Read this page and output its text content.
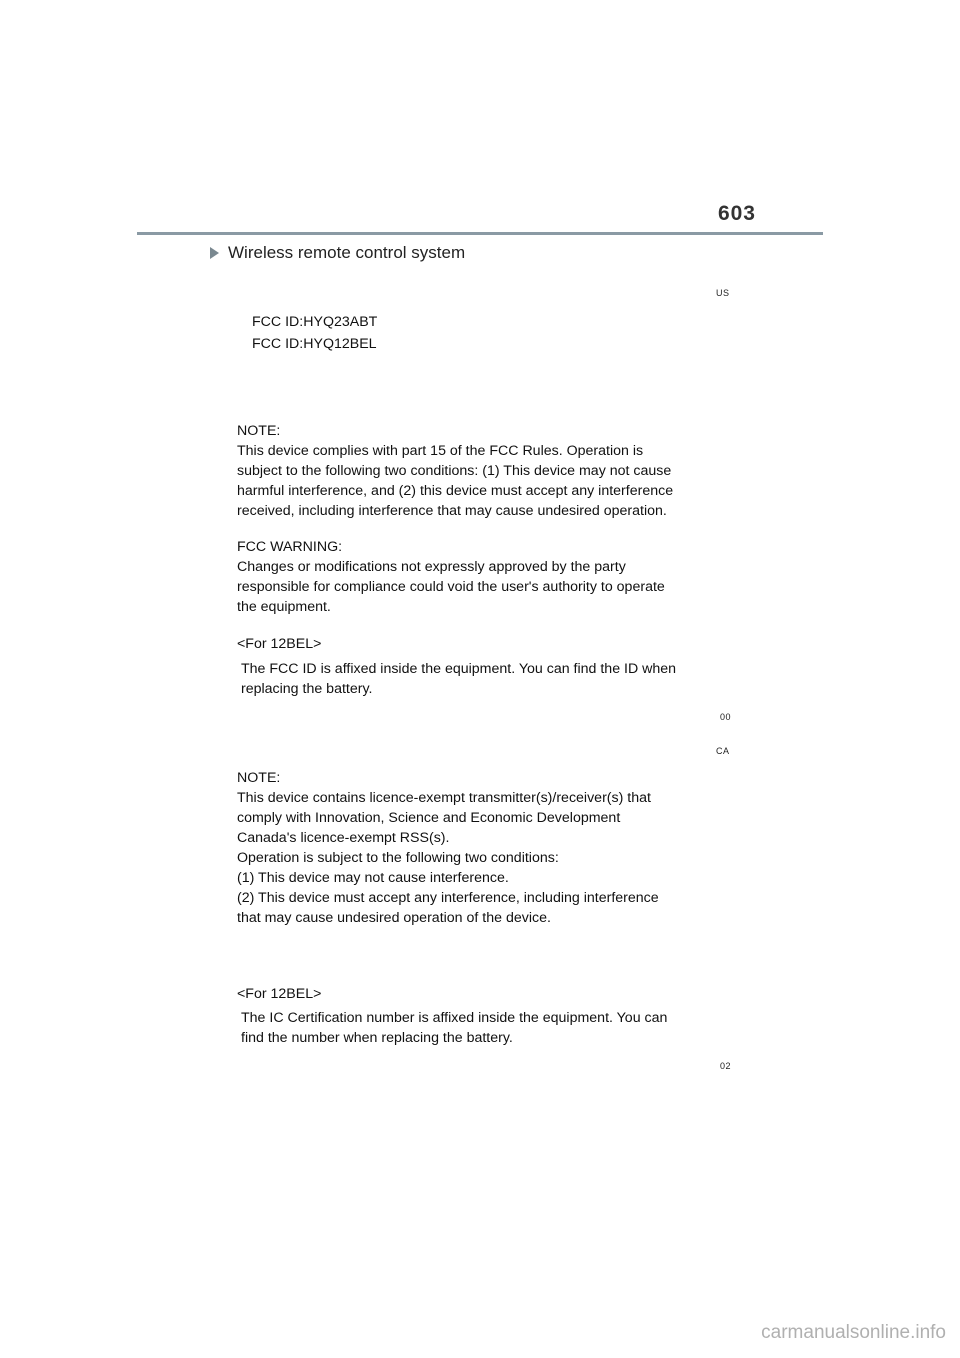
603
Wireless remote control system
US
FCC ID:HYQ23ABT
FCC ID:HYQ12BEL
NOTE:
This device complies with part 15 of the FCC Rules. Operation is
subject to the following two conditions: (1) This device may not cause
harmful interference, and (2) this device must accept any interference
received, including interference that may cause undesired operation.
FCC WARNING:
Changes or modifications not expressly approved by the party
responsible for compliance could void the user's authority to operate
the equipment.
<For 12BEL>
The FCC ID is affixed inside the equipment. You can find the ID when
replacing the battery.
00
CA
NOTE:
This device contains licence-exempt transmitter(s)/receiver(s) that
comply with Innovation, Science and Economic Development
Canada's licence-exempt RSS(s).
Operation is subject to the following two conditions:
(1) This device may not cause interference.
(2) This device must accept any interference, including interference
that may cause undesired operation of the device.
<For 12BEL>
The IC Certification number is affixed inside the equipment. You can
find the number when replacing the battery.
02
carmanualsonline.info
